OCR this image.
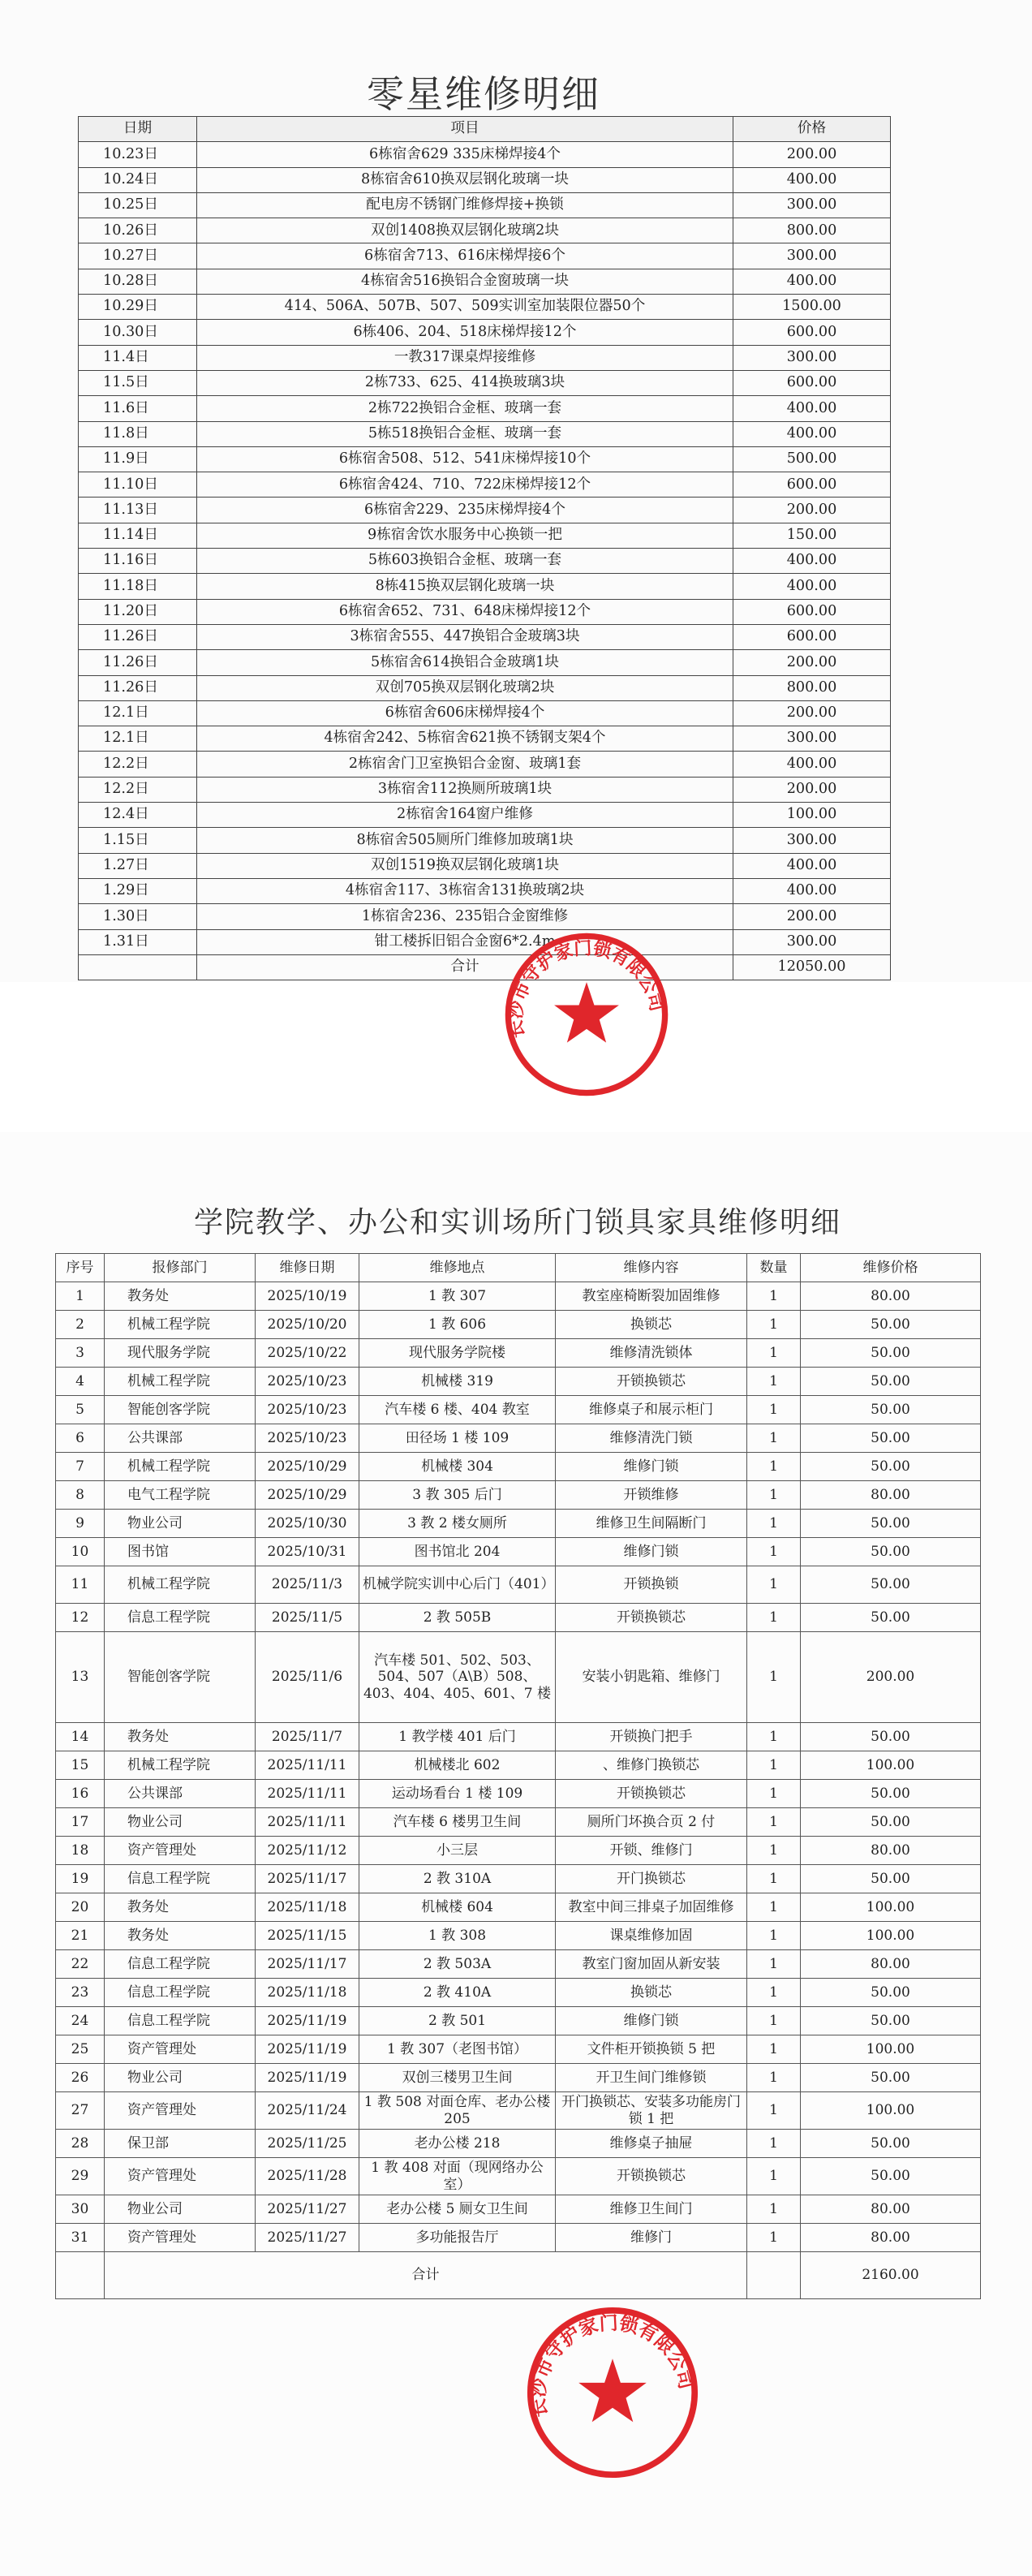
零星维修明细
日期	项目	价格
10.23日	6栋宿舍629 335床梯焊接4个	200.00
10.24日	8栋宿舍610换双层钢化玻璃一块	400.00
10.25日	配电房不锈钢门维修焊接+换锁	300.00
10.26日	双创1408换双层钢化玻璃2块	800.00
10.27日	6栋宿舍713、616床梯焊接6个	300.00
10.28日	4栋宿舍516换铝合金窗玻璃一块	400.00
10.29日	414、506A、507B、507、509实训室加装限位器50个	1500.00
10.30日	6栋406、204、518床梯焊接12个	600.00
11.4日	一教317课桌焊接维修	300.00
11.5日	2栋733、625、414换玻璃3块	600.00
11.6日	2栋722换铝合金框、玻璃一套	400.00
11.8日	5栋518换铝合金框、玻璃一套	400.00
11.9日	6栋宿舍508、512、541床梯焊接10个	500.00
11.10日	6栋宿舍424、710、722床梯焊接12个	600.00
11.13日	6栋宿舍229、235床梯焊接4个	200.00
11.14日	9栋宿舍饮水服务中心换锁一把	150.00
11.16日	5栋603换铝合金框、玻璃一套	400.00
11.18日	8栋415换双层钢化玻璃一块	400.00
11.20日	6栋宿舍652、731、648床梯焊接12个	600.00
11.26日	3栋宿舍555、447换铝合金玻璃3块	600.00
11.26日	5栋宿舍614换铝合金玻璃1块	200.00
11.26日	双创705换双层钢化玻璃2块	800.00
12.1日	6栋宿舍606床梯焊接4个	200.00
12.1日	4栋宿舍242、5栋宿舍621换不锈钢支架4个	300.00
12.2日	2栋宿舍门卫室换铝合金窗、玻璃1套	400.00
12.2日	3栋宿舍112换厕所玻璃1块	200.00
12.4日	2栋宿舍164窗户维修	100.00
1.15日	8栋宿舍505厕所门维修加玻璃1块	300.00
1.27日	双创1519换双层钢化玻璃1块	400.00
1.29日	4栋宿舍117、3栋宿舍131换玻璃2块	400.00
1.30日	1栋宿舍236、235铝合金窗维修	200.00
1.31日	钳工楼拆旧铝合金窗6*2.4m	300.00
	合计	12050.00
长沙市守护家门锁有限公司
学院教学、办公和实训场所门锁具家具维修明细
序号	报修部门	维修日期	维修地点	维修内容	数量	维修价格
1	教务处	2025/10/19	1 教 307	教室座椅断裂加固维修	1	80.00
2	机械工程学院	2025/10/20	1 教 606	换锁芯	1	50.00
3	现代服务学院	2025/10/22	现代服务学院楼	维修清洗锁体	1	50.00
4	机械工程学院	2025/10/23	机械楼 319	开锁换锁芯	1	50.00
5	智能创客学院	2025/10/23	汽车楼 6 楼、404 教室	维修桌子和展示柜门	1	50.00
6	公共课部	2025/10/23	田径场 1 楼 109	维修清洗门锁	1	50.00
7	机械工程学院	2025/10/29	机械楼 304	维修门锁	1	50.00
8	电气工程学院	2025/10/29	3 教 305 后门	开锁维修	1	80.00
9	物业公司	2025/10/30	3 教 2 楼女厕所	维修卫生间隔断门	1	50.00
10	图书馆	2025/10/31	图书馆北 204	维修门锁	1	50.00
11	机械工程学院	2025/11/3	机械学院实训中心后门（401）	开锁换锁	1	50.00
12	信息工程学院	2025/11/5	2 教 505B	开锁换锁芯	1	50.00
13	智能创客学院	2025/11/6	汽车楼 501、502、503、504、507（A\B）508、403、404、405、601、7 楼	安装小钥匙箱、维修门	1	200.00
14	教务处	2025/11/7	1 教学楼 401 后门	开锁换门把手	1	50.00
15	机械工程学院	2025/11/11	机械楼北 602	、维修门换锁芯	1	100.00
16	公共课部	2025/11/11	运动场看台 1 楼 109	开锁换锁芯	1	50.00
17	物业公司	2025/11/11	汽车楼 6 楼男卫生间	厕所门坏换合页 2 付	1	50.00
18	资产管理处	2025/11/12	小三层	开锁、维修门	1	80.00
19	信息工程学院	2025/11/17	2 教 310A	开门换锁芯	1	50.00
20	教务处	2025/11/18	机械楼 604	教室中间三排桌子加固维修	1	100.00
21	教务处	2025/11/15	1 教 308	课桌维修加固	1	100.00
22	信息工程学院	2025/11/17	2 教 503A	教室门窗加固从新安装	1	80.00
23	信息工程学院	2025/11/18	2 教 410A	换锁芯	1	50.00
24	信息工程学院	2025/11/19	2 教 501	维修门锁	1	50.00
25	资产管理处	2025/11/19	1 教 307（老图书馆）	文件柜开锁换锁 5 把	1	100.00
26	物业公司	2025/11/19	双创三楼男卫生间	开卫生间门维修锁	1	50.00
27	资产管理处	2025/11/24	1 教 508 对面仓库、老办公楼 205	开门换锁芯、安装多功能房门锁 1 把	1	100.00
28	保卫部	2025/11/25	老办公楼 218	维修桌子抽屉	1	50.00
29	资产管理处	2025/11/28	1 教 408 对面（现网络办公室）	开锁换锁芯	1	50.00
30	物业公司	2025/11/27	老办公楼 5 厕女卫生间	维修卫生间门	1	80.00
31	资产管理处	2025/11/27	多功能报告厅	维修门	1	80.00
	合计					2160.00
长沙市守护家门锁有限公司
